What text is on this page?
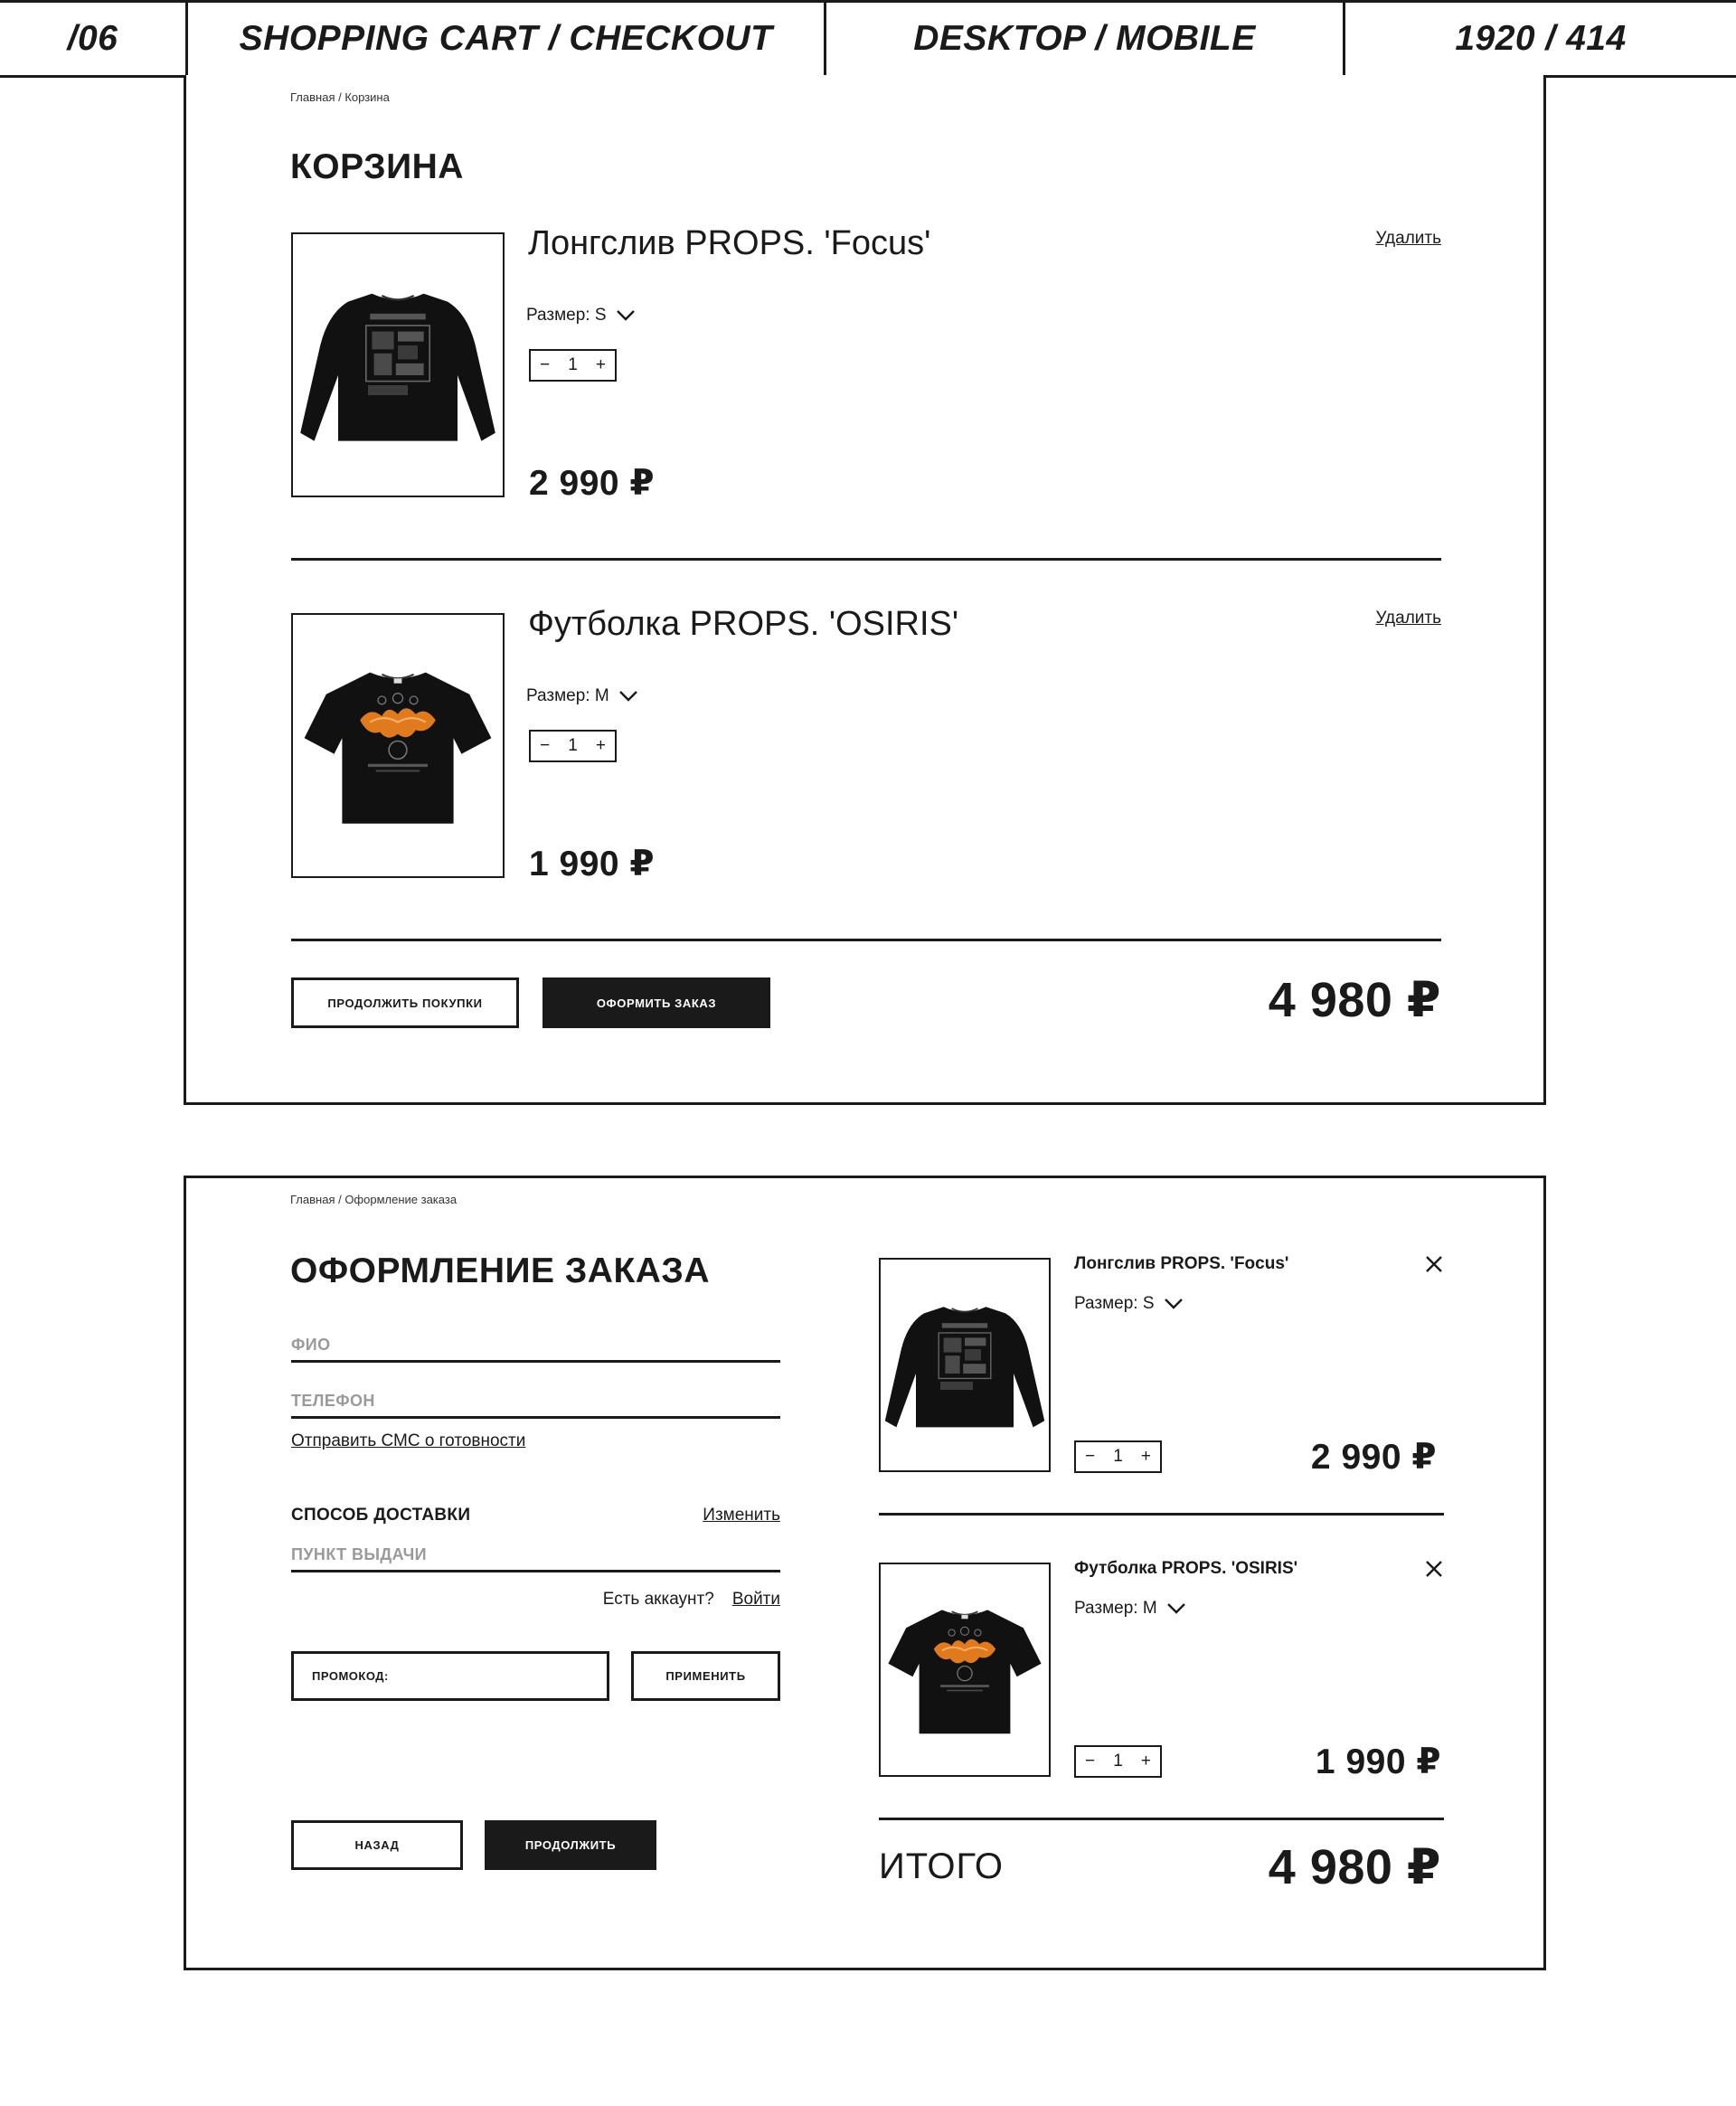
/06	SHOPPING CART / CHECKOUT	DESKTOP / MOBILE	1920 / 414
Главная / Корзина
КОРЗИНА
Лонгслив PROPS. 'Focus'	Удалить
Размер: S
− 1 +
2 990 ₽
Футболка PROPS. 'OSIRIS'	Удалить
Размер: M
− 1 +
1 990 ₽
ПРОДОЛЖИТЬ ПОКУПКИ	ОФОРМИТЬ ЗАКАЗ	4 980 ₽
Главная / Оформление заказа
ОФОРМЛЕНИЕ ЗАКАЗА
ФИО
ТЕЛЕФОН
Отправить СМС о готовности
СПОСОБ ДОСТАВКИ	Изменить
ПУНКТ ВЫДАЧИ
Есть аккаунт? Войти
ПРОМОКОД:	ПРИМЕНИТЬ
НАЗАД	ПРОДОЛЖИТЬ
Лонгслив PROPS. 'Focus'
Размер: S
− 1 +	2 990 ₽
Футболка PROPS. 'OSIRIS'
Размер: M
− 1 +	1 990 ₽
ИТОГО	4 980 ₽
